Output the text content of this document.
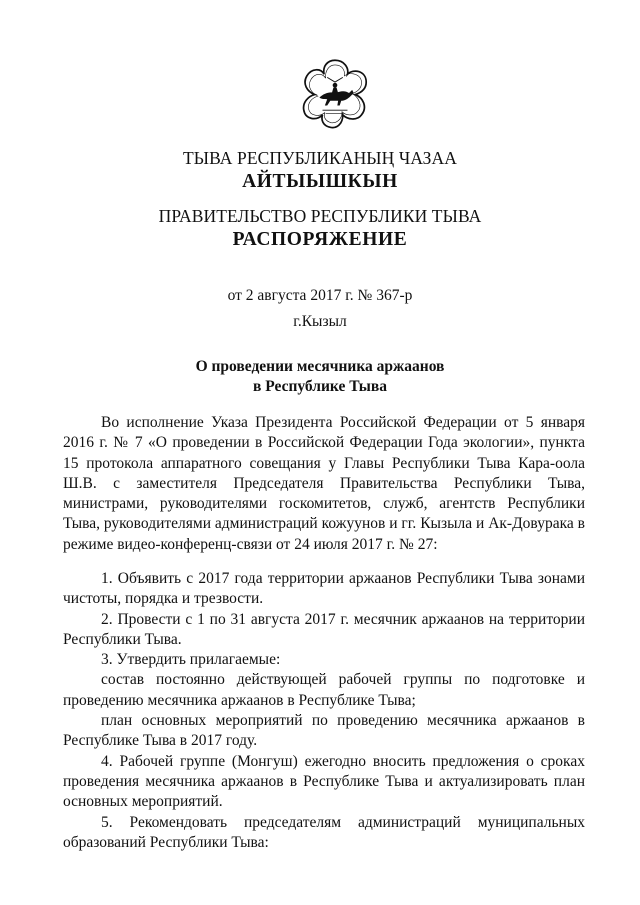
ТЫВА РЕСПУБЛИКАНЫҢ ЧАЗАА
АЙТЫЫШКЫН
ПРАВИТЕЛЬСТВО РЕСПУБЛИКИ ТЫВА
РАСПОРЯЖЕНИЕ
от 2 августа 2017 г. № 367-р
г.Кызыл
О проведении месячника аржаанов
в Республике Тыва

Во исполнение Указа Президента Российской Федерации от 5 января 2016 г. № 7 «О проведении в Российской Федерации Года экологии», пункта 15 протокола аппаратного совещания у Главы Республики Тыва Кара-оола Ш.В. с заместителя Председателя Правительства Республики Тыва, министрами, руководителями госкомитетов, служб, агентств Республики Тыва, руководителями администраций кожуунов и гг. Кызыла и Ак-Довурака в режиме видео-конференц-связи от 24 июля 2017 г. № 27:

1. Объявить с 2017 года территории аржаанов Республики Тыва зонами чистоты, порядка и трезвости.

2. Провести с 1 по 31 августа 2017 г. месячник аржаанов на территории Республики Тыва.

3. Утвердить прилагаемые:

состав постоянно действующей рабочей группы по подготовке и проведению месячника аржаанов в Республике Тыва;

план основных мероприятий по проведению месячника аржаанов в Республике Тыва в 2017 году.

4. Рабочей группе (Монгуш) ежегодно вносить предложения о сроках проведения месячника аржаанов в Республике Тыва и актуализировать план основных мероприятий.

5. Рекомендовать председателям администраций муниципальных образований Республики Тыва:
